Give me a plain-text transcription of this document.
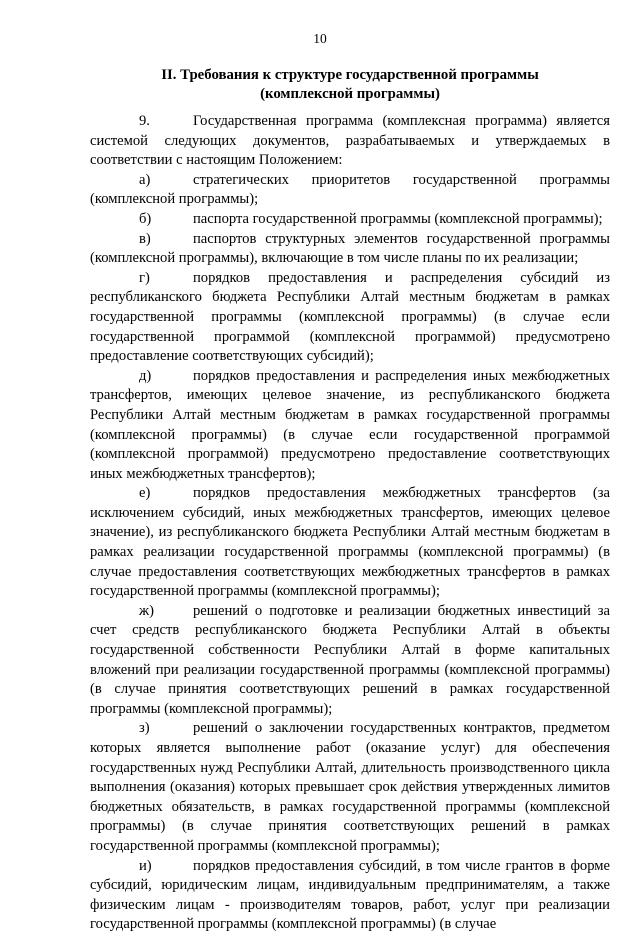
10
II. Требования к структуре государственной программы
(комплексной программы)

9.	Государственная программа (комплексная программа) является системой следующих документов, разрабатываемых и утверждаемых в соответствии с настоящим Положением:

а)	стратегических приоритетов государственной программы (комплексной программы);

б)	паспорта государственной программы (комплексной программы);

в)	паспортов структурных элементов государственной программы (комплексной программы), включающие в том числе планы по их реализации;

г)	порядков предоставления и распределения субсидий из республиканского бюджета Республики Алтай местным бюджетам в рамках государственной программы (комплексной программы) (в случае если государственной программой (комплексной программой) предусмотрено предоставление соответствующих субсидий);

д)	порядков предоставления и распределения иных межбюджетных трансфертов, имеющих целевое значение, из республиканского бюджета Республики Алтай местным бюджетам в рамках государственной программы (комплексной программы) (в случае если государственной программой (комплексной программой) предусмотрено предоставление соответствующих иных межбюджетных трансфертов);

е)	порядков предоставления межбюджетных трансфертов (за исключением субсидий, иных межбюджетных трансфертов, имеющих целевое значение), из республиканского бюджета Республики Алтай местным бюджетам в рамках реализации государственной программы (комплексной программы) (в случае предоставления соответствующих межбюджетных трансфертов в рамках государственной программы (комплексной программы);

ж)	решений о подготовке и реализации бюджетных инвестиций за счет средств республиканского бюджета Республики Алтай в объекты государственной собственности Республики Алтай в форме капитальных вложений при реализации государственной программы (комплексной программы) (в случае принятия соответствующих решений в рамках государственной программы (комплексной программы);

з)	решений о заключении государственных контрактов, предметом которых является выполнение работ (оказание услуг) для обеспечения государственных нужд Республики Алтай, длительность производственного цикла выполнения (оказания) которых превышает срок действия утвержденных лимитов бюджетных обязательств, в рамках государственной программы (комплексной программы) (в случае принятия соответствующих решений в рамках государственной программы (комплексной программы);

и)	порядков предоставления субсидий, в том числе грантов в форме субсидий, юридическим лицам, индивидуальным предпринимателям, а также физическим лицам - производителям товаров, работ, услуг при реализации государственной программы (комплексной программы) (в случае
